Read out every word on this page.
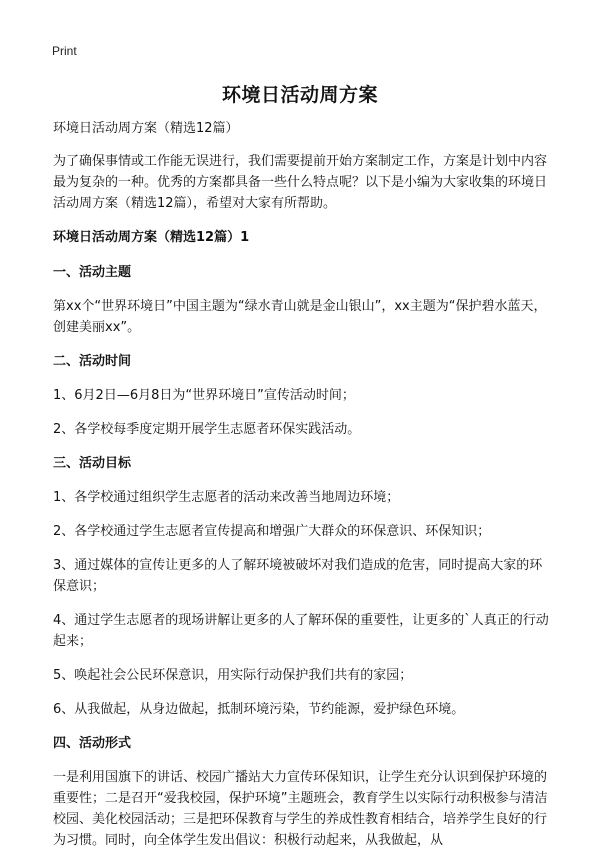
Print
环境日活动周方案

环境日活动周方案（精选12篇）

为了确保事情或工作能无误进行，我们需要提前开始方案制定工作，方案是计划中内容最为复杂的一种。优秀的方案都具备一些什么特点呢？以下是小编为大家收集的环境日活动周方案（精选12篇），希望对大家有所帮助。

环境日活动周方案（精选12篇）1
一、活动主题

第xx个“世界环境日”中国主题为“绿水青山就是金山银山”，xx主题为“保护碧水蓝天，创建美丽xx”。

二、活动时间

1、6月2日—6月8日为“世界环境日”宣传活动时间；

2、各学校每季度定期开展学生志愿者环保实践活动。

三、活动目标

1、各学校通过组织学生志愿者的活动来改善当地周边环境；

2、各学校通过学生志愿者宣传提高和增强广大群众的环保意识、环保知识；

3、通过媒体的宣传让更多的人了解环境被破坏对我们造成的危害，同时提高大家的环保意识；

4、通过学生志愿者的现场讲解让更多的人了解环保的重要性，让更多的`人真正的行动起来；

5、唤起社会公民环保意识，用实际行动保护我们共有的家园；

6、从我做起，从身边做起，抵制环境污染，节约能源，爱护绿色环境。

四、活动形式

一是利用国旗下的讲话、校园广播站大力宣传环保知识，让学生充分认识到保护环境的重要性；二是召开“爱我校园，保护环境”主题班会，教育学生以实际行动积极参与清洁校园、美化校园活动；三是把环保教育与学生的养成性教育相结合，培养学生良好的行为习惯。同时，向全体学生发出倡议：积极行动起来，从我做起，从
